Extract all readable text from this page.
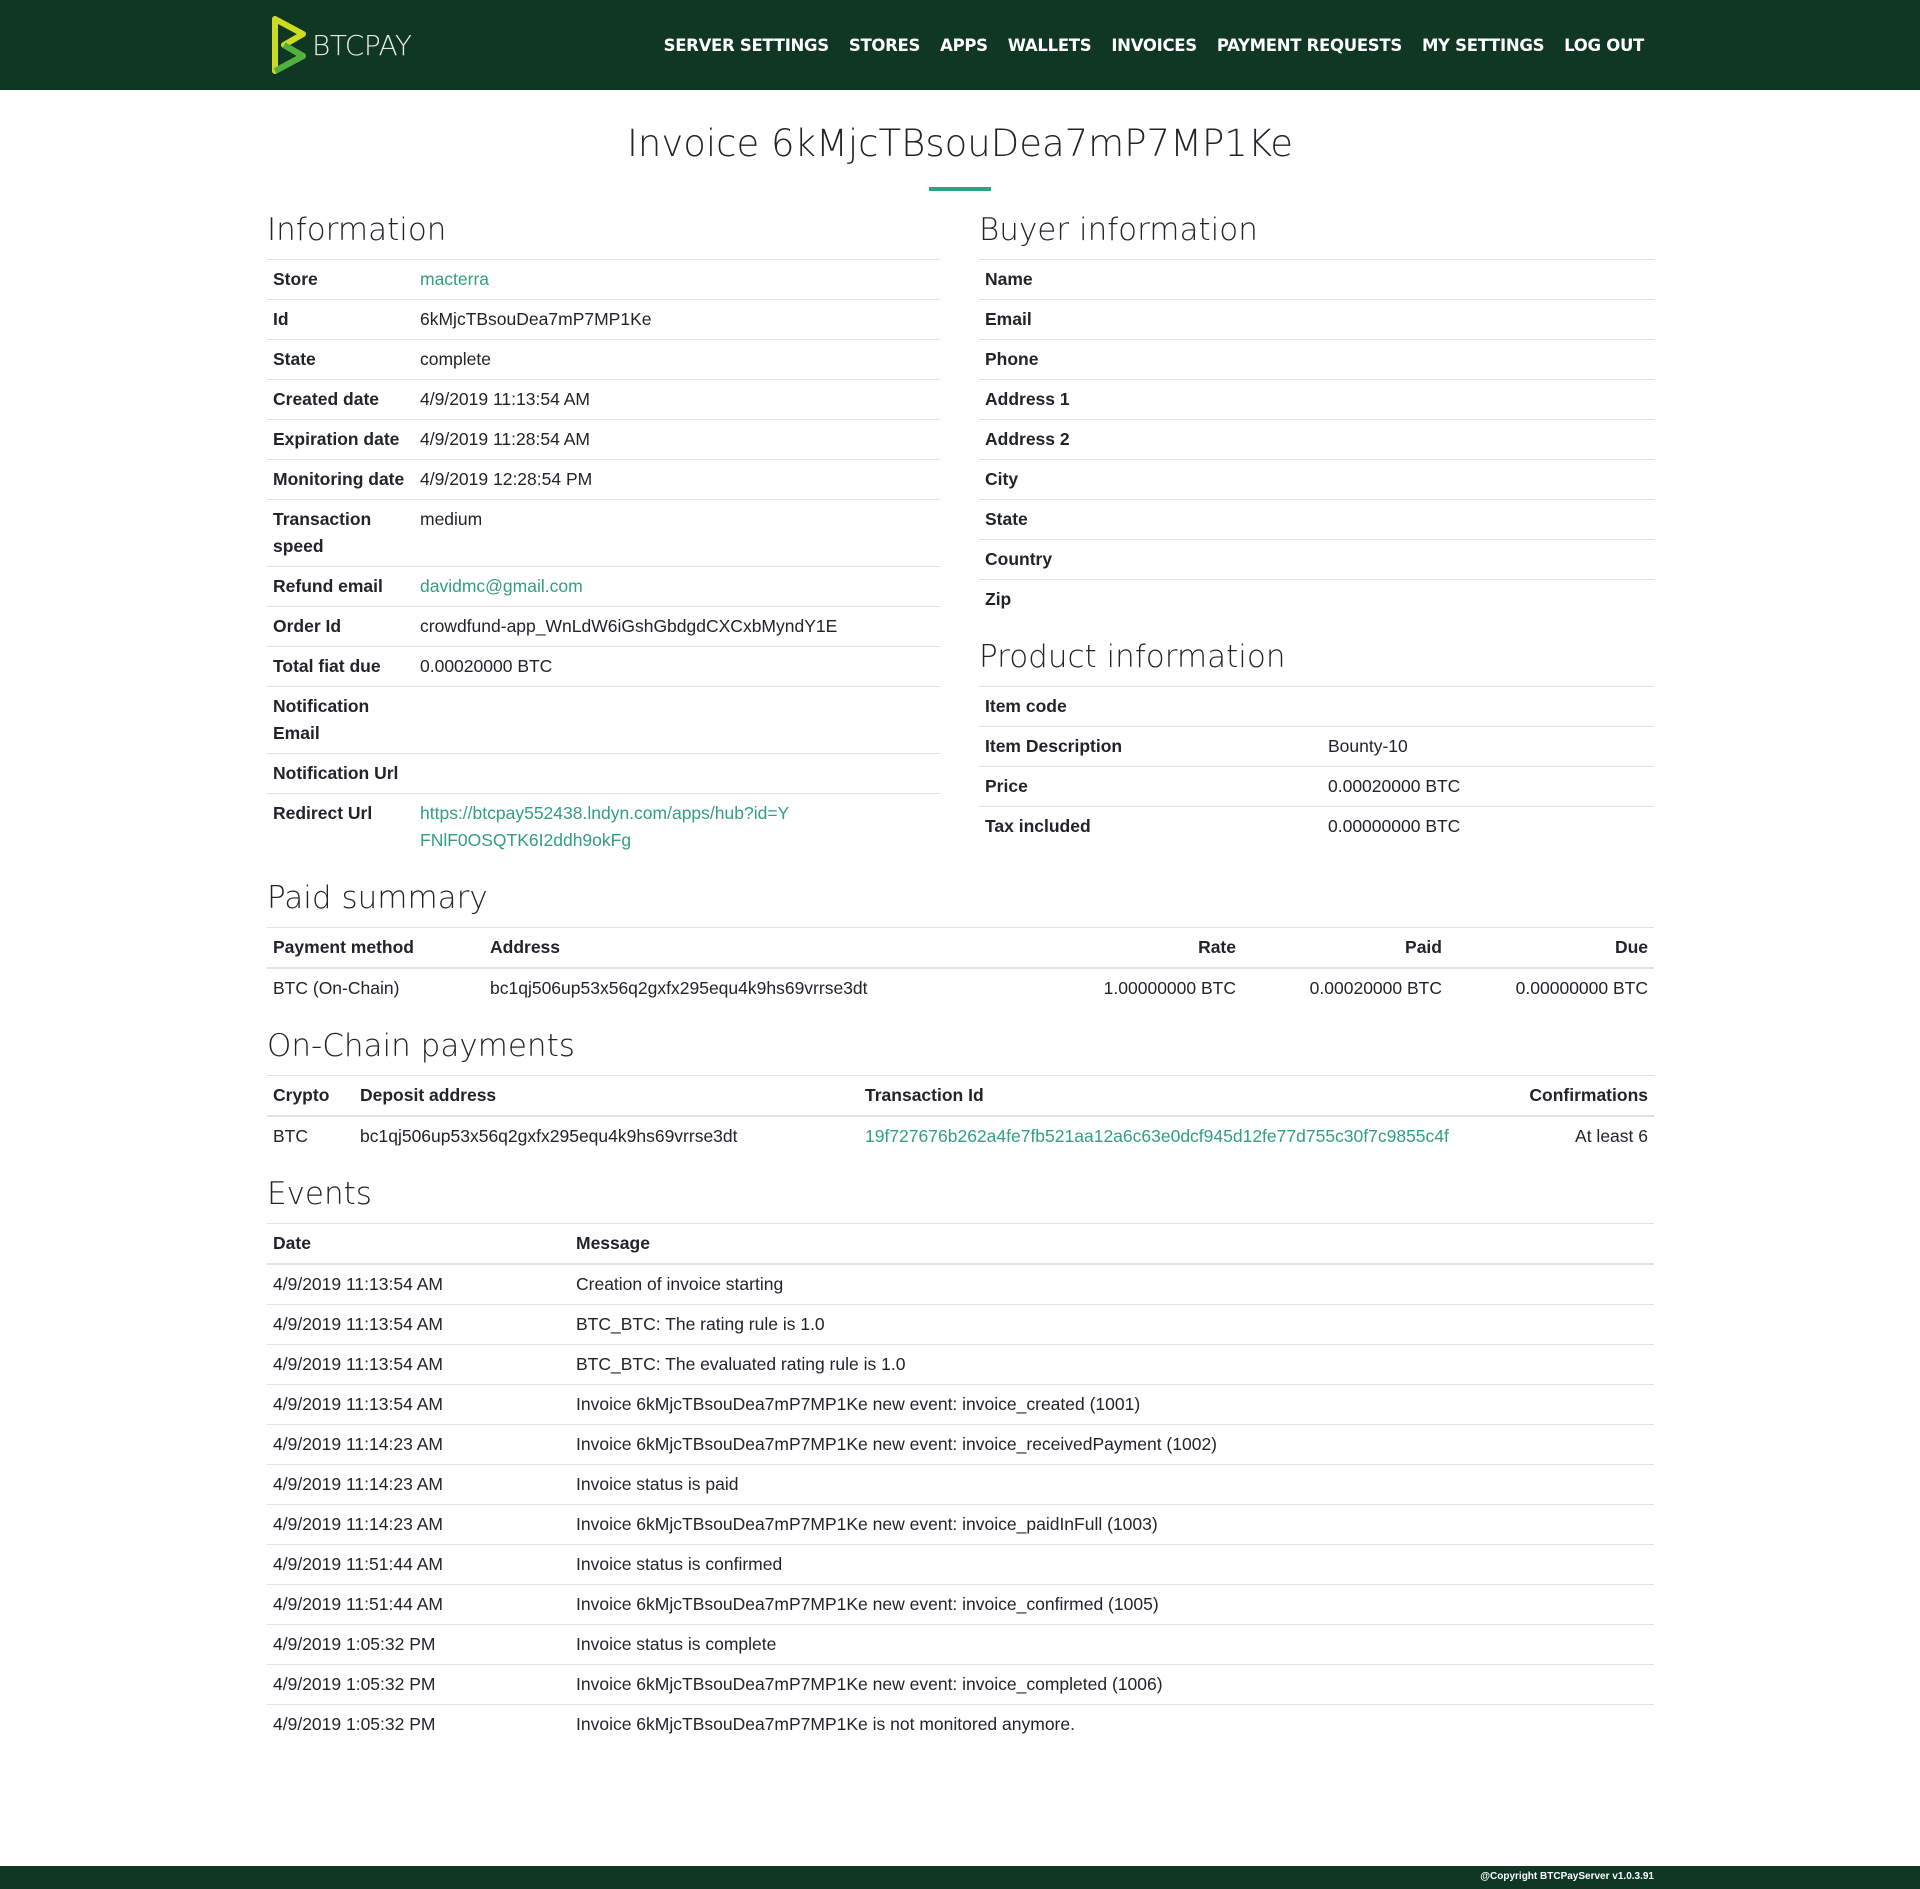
BTCPAY	SERVER SETTINGS STORES APPS WALLETS INVOICES PAYMENT REQUESTS MY SETTINGS LOG OUT
Invoice 6kMjcTBsouDea7mP7MP1Ke
Information
Store	macterra
Id	6kMjcTBsouDea7mP7MP1Ke
State	complete
Created date	4/9/2019 11:13:54 AM
Expiration date	4/9/2019 11:28:54 AM
Monitoring date	4/9/2019 12:28:54 PM
Transaction speed	medium
Refund email	davidmc@gmail.com
Order Id	crowdfund-app_WnLdW6iGshGbdgdCXCxbMyndY1E
Total fiat due	0.00020000 BTC
Notification Email	
Notification Url	
Redirect Url	https://btcpay552438.lndyn.com/apps/hub?id=YFNlF0OSQTK6I2ddh9okFg
Buyer information
Name	
Email	
Phone	
Address 1	
Address 2	
City	
State	
Country	
Zip	
Product information
Item code	
Item Description	Bounty-10
Price	0.00020000 BTC
Tax included	0.00000000 BTC
Paid summary
Payment method	Address	Rate	Paid	Due
BTC (On-Chain)	bc1qj506up53x56q2gxfx295equ4k9hs69vrrse3dt	1.00000000 BTC	0.00020000 BTC	0.00000000 BTC
On-Chain payments
Crypto	Deposit address	Transaction Id	Confirmations
BTC	bc1qj506up53x56q2gxfx295equ4k9hs69vrrse3dt	19f727676b262a4fe7fb521aa12a6c63e0dcf945d12fe77d755c30f7c9855c4f	At least 6
Events
Date	Message
4/9/2019 11:13:54 AM	Creation of invoice starting
4/9/2019 11:13:54 AM	BTC_BTC: The rating rule is 1.0
4/9/2019 11:13:54 AM	BTC_BTC: The evaluated rating rule is 1.0
4/9/2019 11:13:54 AM	Invoice 6kMjcTBsouDea7mP7MP1Ke new event: invoice_created (1001)
4/9/2019 11:14:23 AM	Invoice 6kMjcTBsouDea7mP7MP1Ke new event: invoice_receivedPayment (1002)
4/9/2019 11:14:23 AM	Invoice status is paid
4/9/2019 11:14:23 AM	Invoice 6kMjcTBsouDea7mP7MP1Ke new event: invoice_paidInFull (1003)
4/9/2019 11:51:44 AM	Invoice status is confirmed
4/9/2019 11:51:44 AM	Invoice 6kMjcTBsouDea7mP7MP1Ke new event: invoice_confirmed (1005)
4/9/2019 1:05:32 PM	Invoice status is complete
4/9/2019 1:05:32 PM	Invoice 6kMjcTBsouDea7mP7MP1Ke new event: invoice_completed (1006)
4/9/2019 1:05:32 PM	Invoice 6kMjcTBsouDea7mP7MP1Ke is not monitored anymore.
@Copyright BTCPayServer v1.0.3.91
